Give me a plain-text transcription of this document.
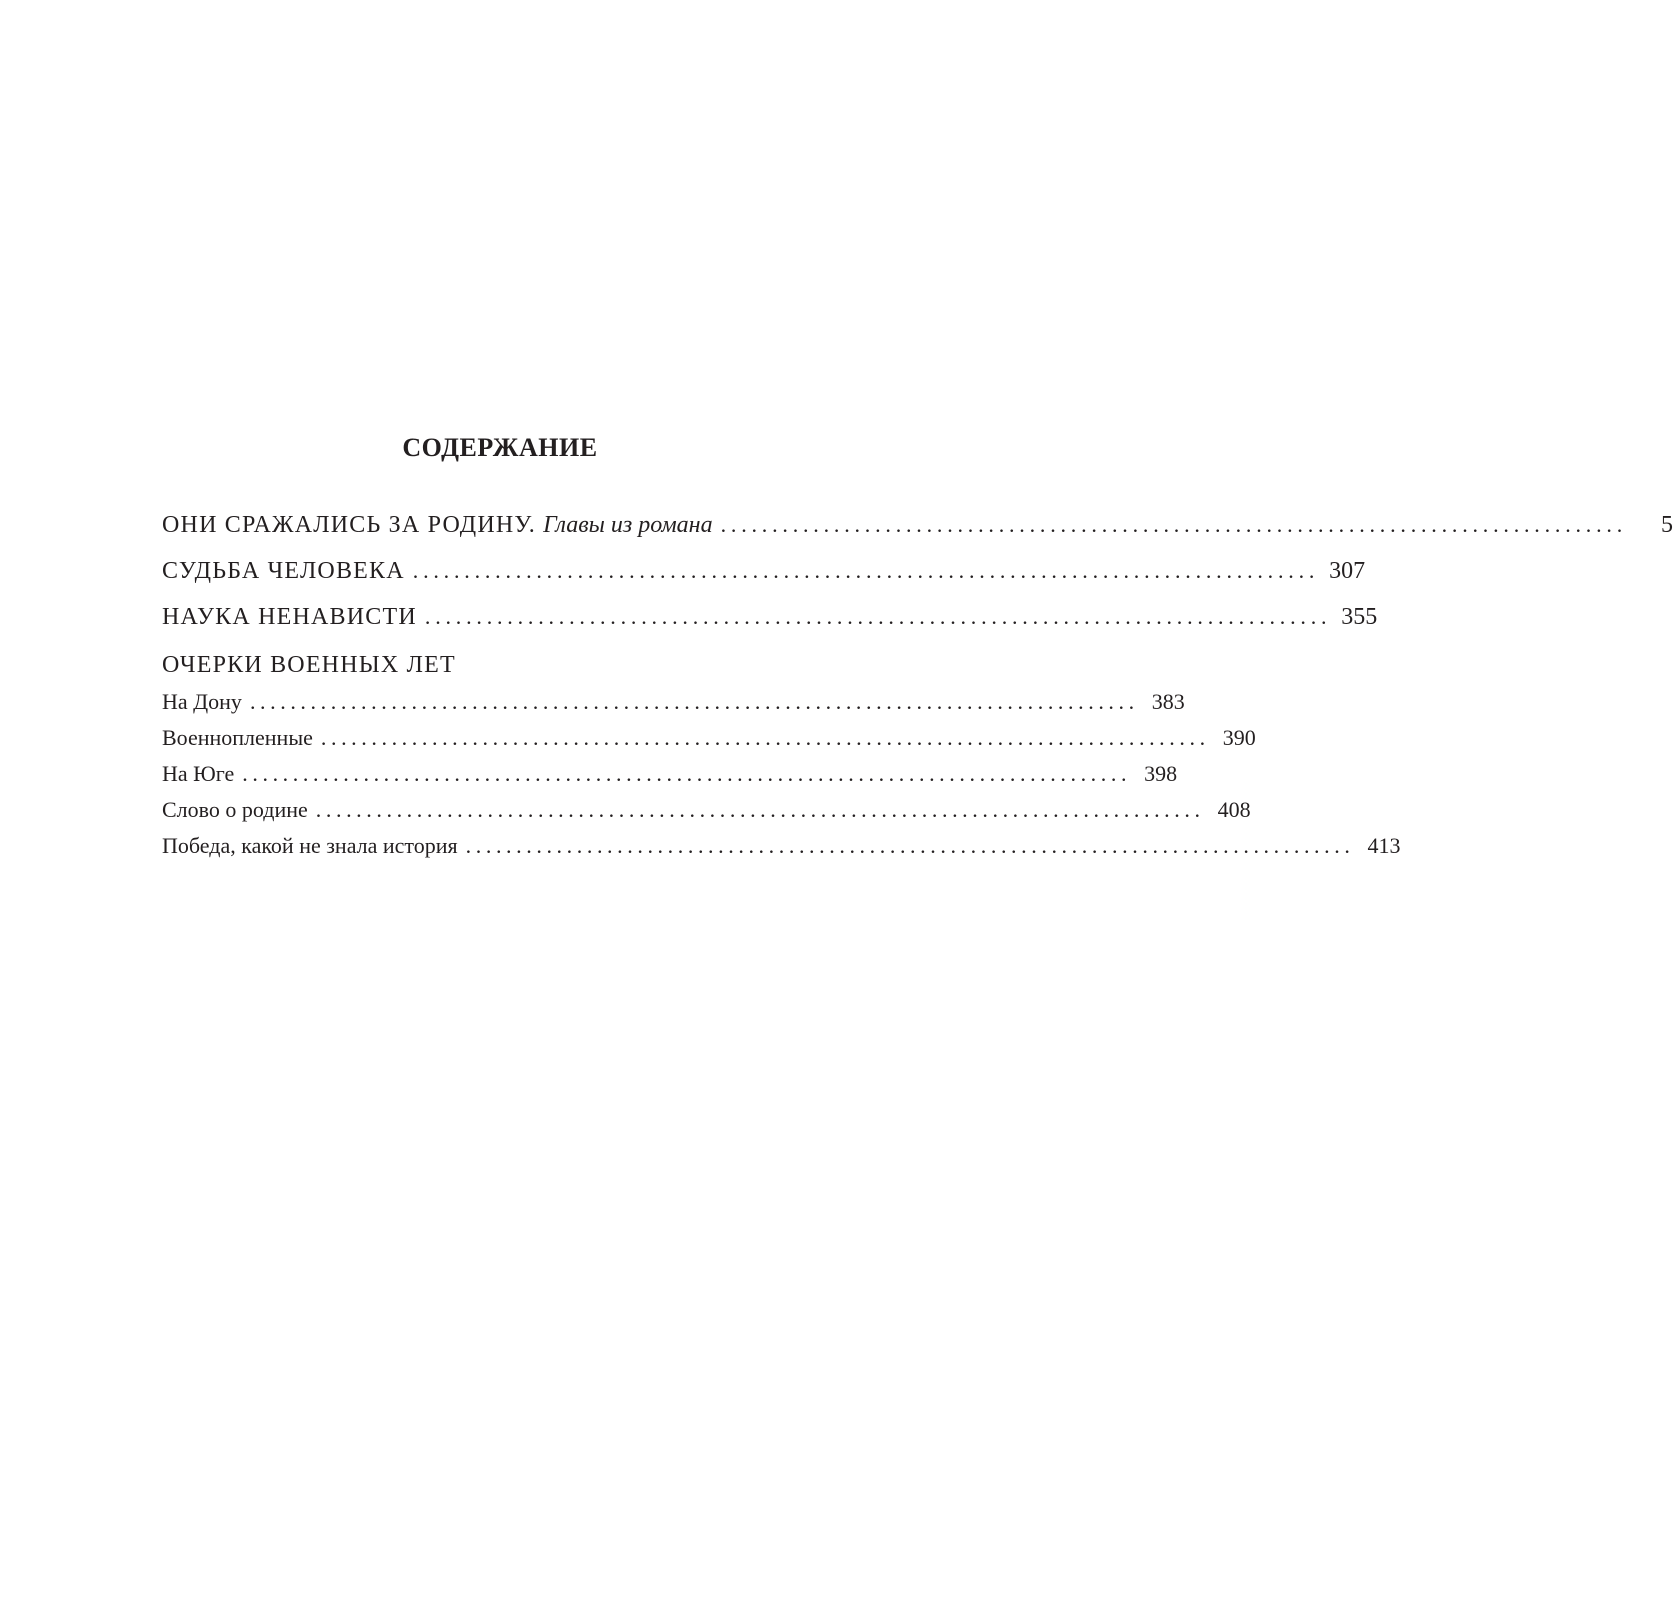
СОДЕРЖАНИЕ
ОНИ СРАЖАЛИСЬ ЗА РОДИНУ. Главы из романа ........................................................................................	5
СУДЬБА ЧЕЛОВЕКА ........................................................................................ 307
НАУКА НЕНАВИСТИ ........................................................................................ 355
ОЧЕРКИ ВОЕННЫХ ЛЕТ
На Дону ........................................................................................ 383
Военнопленные ........................................................................................ 390
На Юге ........................................................................................ 398
Слово о родине ........................................................................................ 408
Победа, какой не знала история ........................................................................................ 413
